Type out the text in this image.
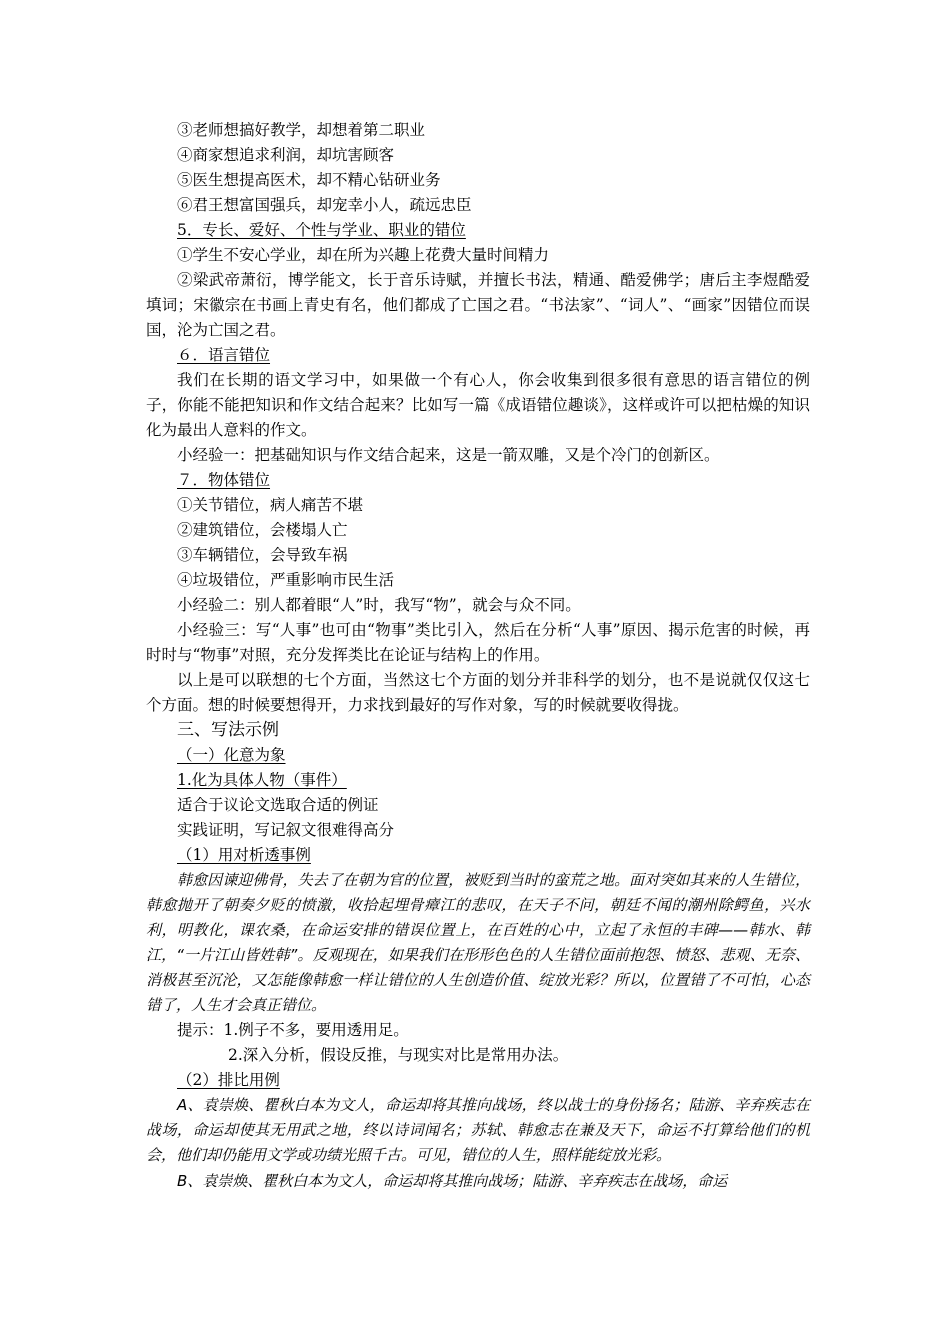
③老师想搞好教学，却想着第二职业
④商家想追求利润，却坑害顾客
⑤医生想提高医术，却不精心钻研业务
⑥君王想富国强兵，却宠幸小人，疏远忠臣
5．专长、爱好、个性与学业、职业的错位
①学生不安心学业，却在所为兴趣上花费大量时间精力
②梁武帝萧衍，博学能文，长于音乐诗赋，并擅长书法，精通、酷爱佛学；唐后主李煜酷爱填词；宋徽宗在书画上青史有名，他们都成了亡国之君。“书法家”、“词人”、“画家”因错位而误国，沦为亡国之君。
６．语言错位
我们在长期的语文学习中，如果做一个有心人，你会收集到很多很有意思的语言错位的例子，你能不能把知识和作文结合起来？比如写一篇《成语错位趣谈》，这样或许可以把枯燥的知识化为最出人意料的作文。
小经验一：把基础知识与作文结合起来，这是一箭双雕，又是个冷门的创新区。
７．物体错位
①关节错位，病人痛苦不堪
②建筑错位，会楼塌人亡
③车辆错位，会导致车祸
④垃圾错位，严重影响市民生活
小经验二：别人都着眼“人”时，我写“物”，就会与众不同。
小经验三：写“人事”也可由“物事”类比引入，然后在分析“人事”原因、揭示危害的时候，再时时与“物事”对照，充分发挥类比在论证与结构上的作用。
以上是可以联想的七个方面，当然这七个方面的划分并非科学的划分，也不是说就仅仅这七个方面。想的时候要想得开，力求找到最好的写作对象，写的时候就要收得拢。
三、写法示例
（一）化意为象
1.化为具体人物（事件）
适合于议论文选取合适的例证
实践证明，写记叙文很难得高分
（1）用对析透事例
韩愈因谏迎佛骨，失去了在朝为官的位置，被贬到当时的蛮荒之地。面对突如其来的人生错位，韩愈抛开了朝奏夕贬的愤激，收拾起埋骨瘴江的悲叹，在天子不问，朝廷不闻的潮州除鳄鱼，兴水利，明教化，课农桑，在命运安排的错误位置上，在百姓的心中，立起了永恒的丰碑——韩水、韩江，“一片江山皆姓韩”。反观现在，如果我们在形形色色的人生错位面前抱怨、愤怒、悲观、无奈、消极甚至沉沦，又怎能像韩愈一样让错位的人生创造价值、绽放光彩？所以，位置错了不可怕，心态错了，人生才会真正错位。
提示：1.例子不多，要用透用足。
2.深入分析，假设反推，与现实对比是常用办法。
（2）排比用例
A、袁崇焕、瞿秋白本为文人，命运却将其推向战场，终以战士的身份扬名；陆游、辛弃疾志在战场，命运却使其无用武之地，终以诗词闻名；苏轼、韩愈志在兼及天下，命运不打算给他们的机会，他们却仍能用文学或功绩光照千古。可见，错位的人生，照样能绽放光彩。
B、袁崇焕、瞿秋白本为文人，命运却将其推向战场；陆游、辛弃疾志在战场，命运
